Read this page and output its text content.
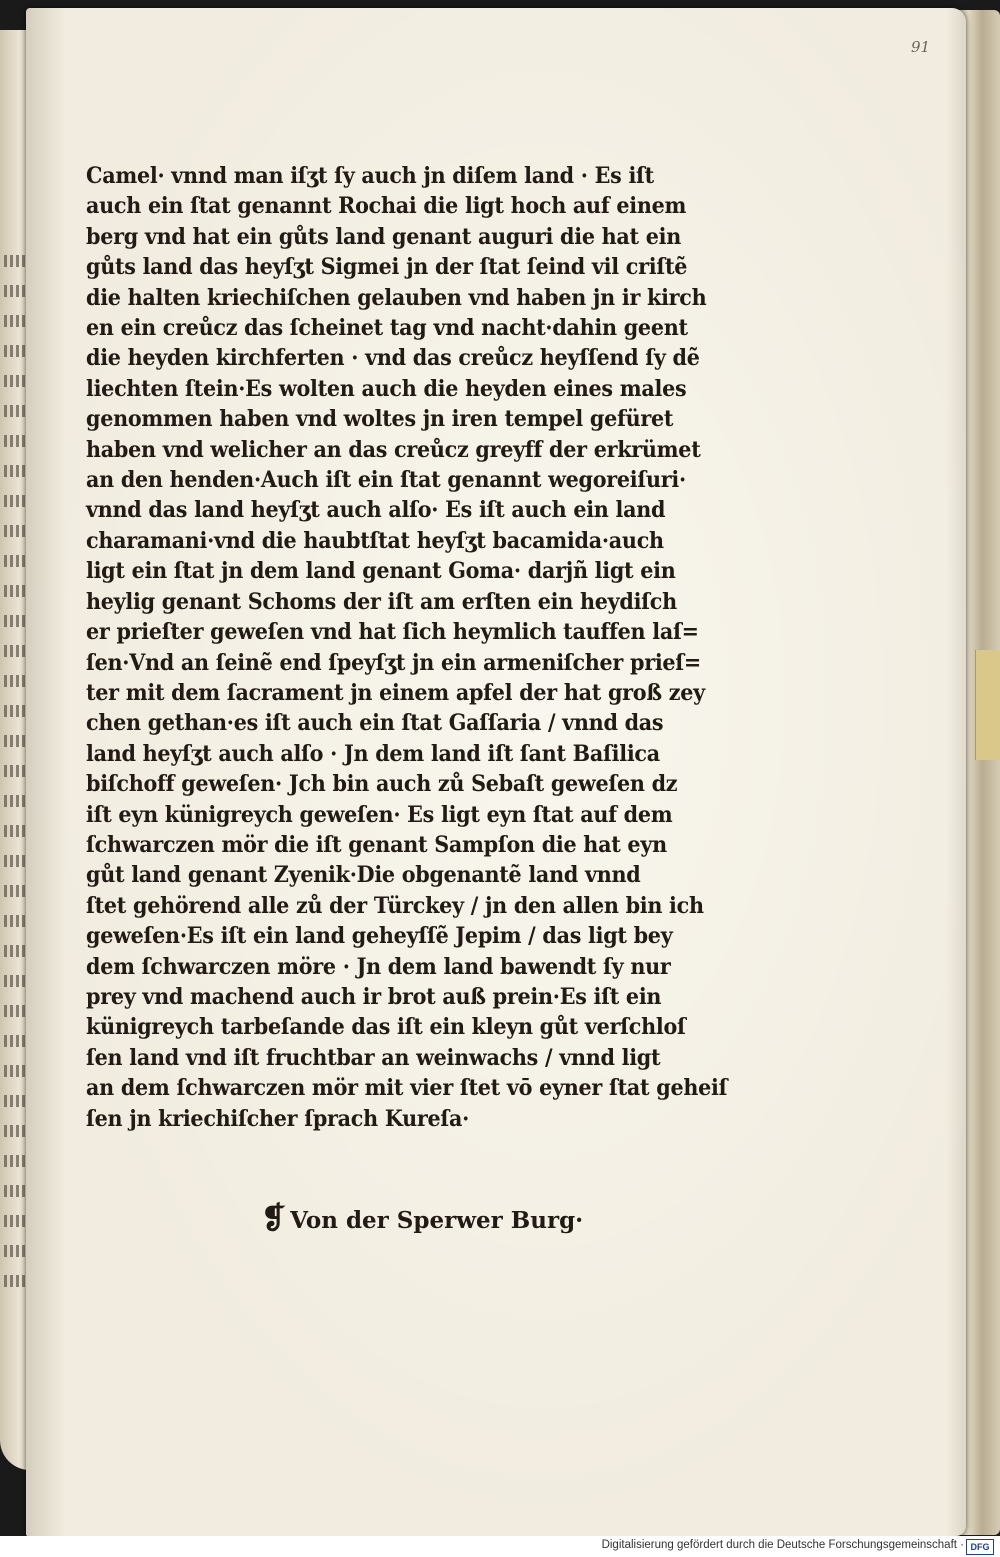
91
Camel· vnnd man iſʒt ſy auch jn diſem land · Es iſt
auch ein ſtat genannt Rochai die ligt hoch auf einem
berg vnd hat ein gůts land genant auguri die hat ein
gůts land das heyſʒt Sigmei jn der ſtat ſeind vil criſtẽ
die halten kriechiſchen gelauben vnd haben jn ir kirch
en ein creůcz das ſcheinet tag vnd nacht·dahin geent
die heyden kirchferten · vnd das creůcz heyſſend ſy dẽ
liechten ſtein·Es wolten auch die heyden eines males
genommen haben vnd woltes jn iren tempel gefüret
haben vnd welicher an das creůcz greyff der erkrümet
an den henden·Auch iſt ein ſtat genannt wegoreiſuri·
vnnd das land heyſʒt auch alſo· Es iſt auch ein land
charamani·vnd die haubtſtat heyſʒt bacamida·auch
ligt ein ſtat jn dem land genant Goma· darjñ ligt ein
heylig genant Schoms der iſt am erſten ein heydiſch
er prieſter geweſen vnd hat ſich heymlich tauffen laſ=
ſen·Vnd an ſeinẽ end ſpeyſʒt jn ein armeniſcher prieſ=
ter mit dem ſacrament jn einem apfel der hat groß zey
chen gethan·es iſt auch ein ſtat Gaſſaria / vnnd das
land heyſʒt auch alſo · Jn dem land iſt ſant Baſilica
biſchoff geweſen· Jch bin auch zů Sebaſt geweſen dz
iſt eyn künigreych geweſen· Es ligt eyn ſtat auf dem
ſchwarczen mör die iſt genant Sampſon die hat eyn
gůt land genant Zyenik·Die obgenantẽ land vnnd
ſtet gehörend alle zů der Türckey / jn den allen bin ich
geweſen·Es iſt ein land geheyſſẽ Jepim / das ligt bey
dem ſchwarczen möre · Jn dem land bawendt ſy nur
prey vnd machend auch ir brot auß prein·Es iſt ein
künigreych tarbeſande das iſt ein kleyn gůt verſchloſ
ſen land vnd iſt fruchtbar an weinwachs / vnnd ligt
an dem ſchwarczen mör mit vier ſtet vō eyner ſtat geheiſ
ſen jn kriechiſcher ſprach Kureſa·
❡ Von der Sperwer Burg·
Digitalisierung gefördert durch die Deutsche Forschungsgemeinschaft · DFG
